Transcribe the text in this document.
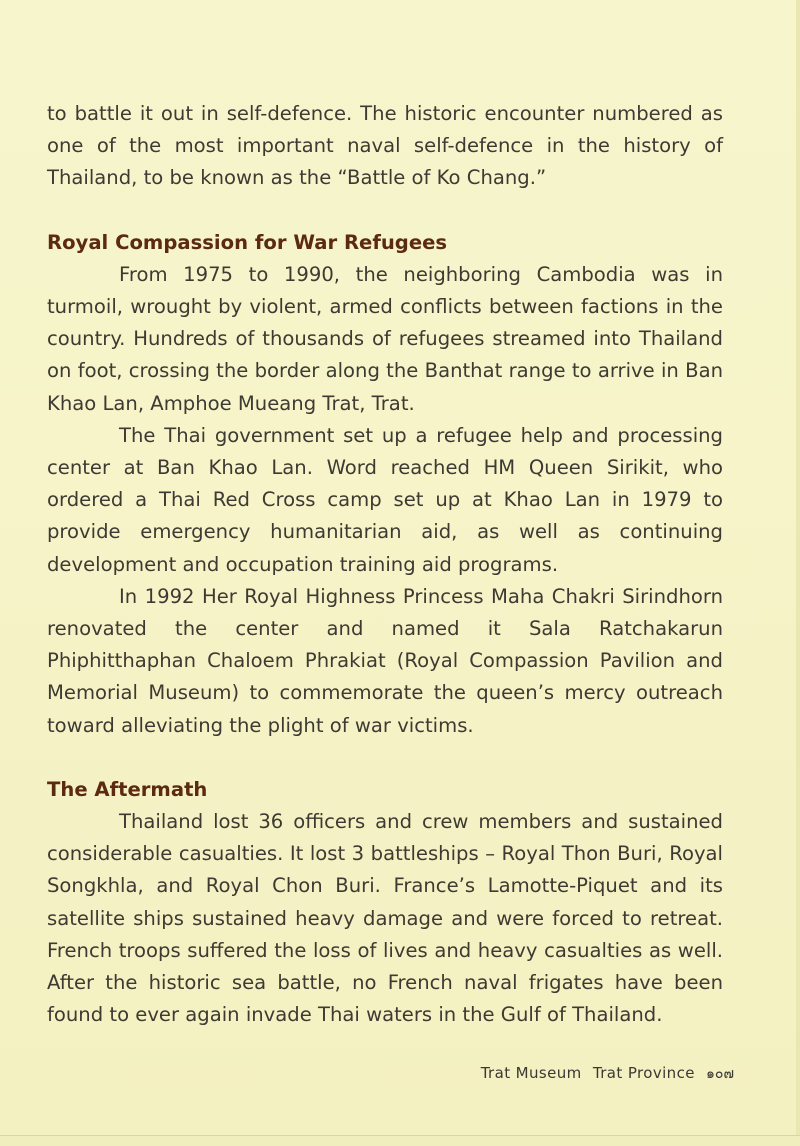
to battle it out in self-defence. The historic encounter numbered as one of the most important naval self-defence in the history of Thailand, to be known as the “Battle of Ko Chang.”

Royal Compassion for War Refugees

From 1975 to 1990, the neighboring Cambodia was in turmoil, wrought by violent, armed conflicts between factions in the country. Hundreds of thousands of refugees streamed into Thailand on foot, crossing the border along the Banthat range to arrive in Ban Khao Lan, Amphoe Mueang Trat, Trat.

The Thai government set up a refugee help and processing center at Ban Khao Lan. Word reached HM Queen Sirikit, who ordered a Thai Red Cross camp set up at Khao Lan in 1979 to provide emergency humanitarian aid, as well as continuing development and occupation training aid programs.

In 1992 Her Royal Highness Princess Maha Chakri Sirindhorn renovated the center and named it Sala Ratchakarun Phiphitthaphan Chaloem Phrakiat (Royal Compassion Pavilion and Memorial Museum) to commemorate the queen’s mercy outreach toward alleviating the plight of war victims.

The Aftermath

Thailand lost 36 officers and crew members and sustained considerable casualties. It lost 3 battleships – Royal Thon Buri, Royal Songkhla, and Royal Chon Buri. France’s Lamotte-Piquet and its satellite ships sustained heavy damage and were forced to retreat. French troops suffered the loss of lives and heavy casualties as well. After the historic sea battle, no French naval frigates have been found to ever again invade Thai waters in the Gulf of Thailand.

Trat Museum Trat Province ๑๐๗
